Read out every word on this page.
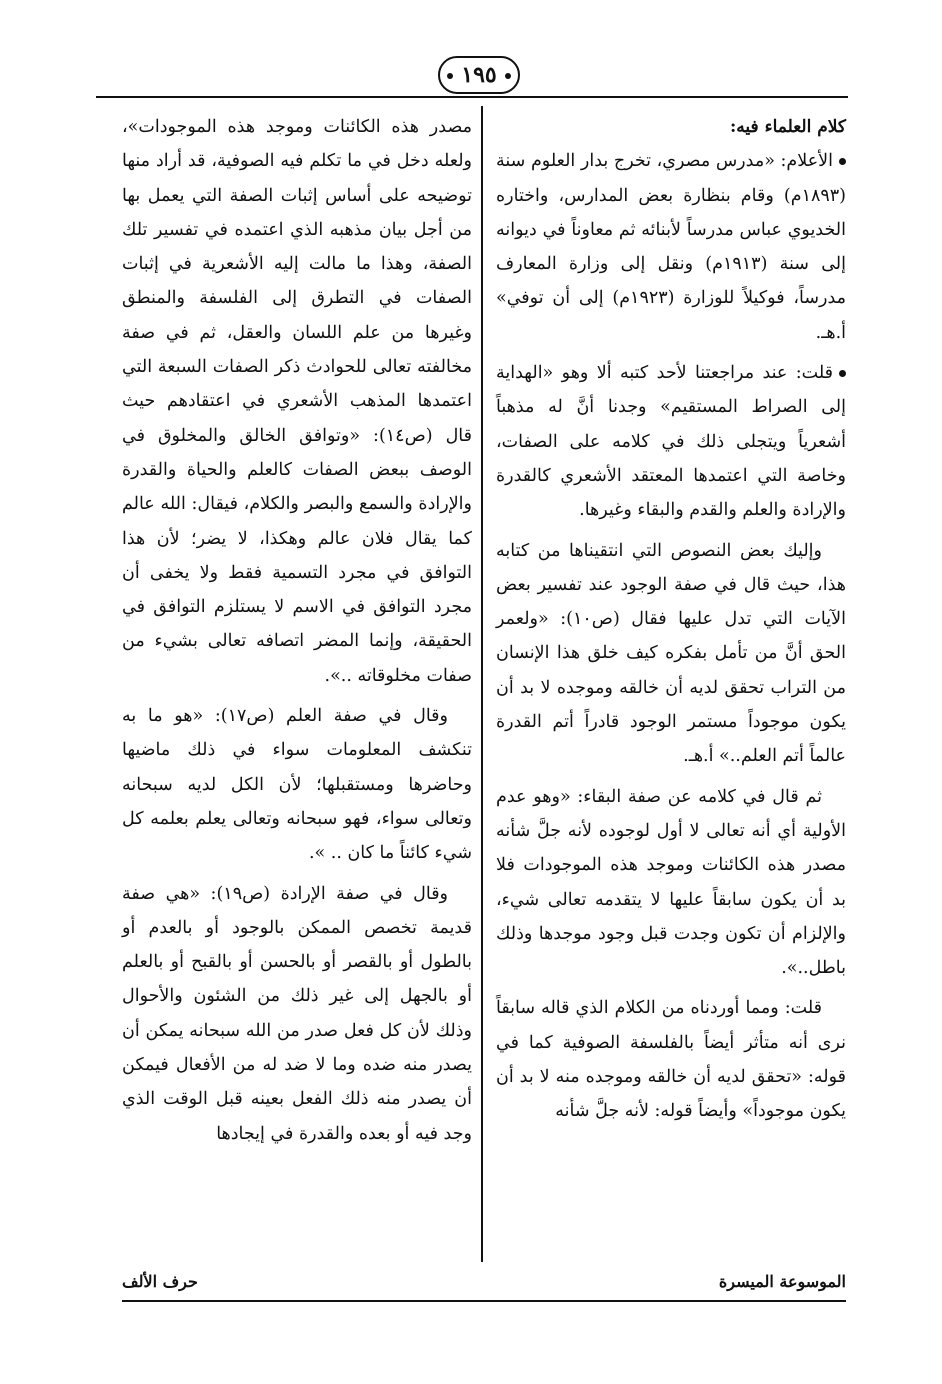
١٩٥

كلام العلماء فيه:

الأعلام: «مدرس مصري، تخرج بدار العلوم سنة (١٨٩٣م) وقام بنظارة بعض المدارس، واختاره الخديوي عباس مدرساً لأبنائه ثم معاوناً في ديوانه إلى سنة (١٩١٣م) ونقل إلى وزارة المعارف مدرساً، فوكيلاً للوزارة (١٩٢٣م) إلى أن توفي» أ.هـ.

قلت: عند مراجعتنا لأحد كتبه ألا وهو «الهداية إلى الصراط المستقيم» وجدنا أنَّ له مذهباً أشعرياً ويتجلى ذلك في كلامه على الصفات، وخاصة التي اعتمدها المعتقد الأشعري كالقدرة والإرادة والعلم والقدم والبقاء وغيرها.

وإليك بعض النصوص التي انتقيناها من كتابه هذا، حيث قال في صفة الوجود عند تفسير بعض الآيات التي تدل عليها فقال (ص١٠): «ولعمر الحق أنَّ من تأمل بفكره كيف خلق هذا الإنسان من التراب تحقق لديه أن خالقه وموجده لا بد أن يكون موجوداً مستمر الوجود قادراً أتم القدرة عالماً أتم العلم..» أ.هـ.

ثم قال في كلامه عن صفة البقاء: «وهو عدم الأولية أي أنه تعالى لا أول لوجوده لأنه جلَّ شأنه مصدر هذه الكائنات وموجد هذه الموجودات فلا بد أن يكون سابقاً عليها لا يتقدمه تعالى شيء، والإلزام أن تكون وجدت قبل وجود موجدها وذلك باطل..».

قلت: ومما أوردناه من الكلام الذي قاله سابقاً نرى أنه متأثر أيضاً بالفلسفة الصوفية كما في قوله: «تحقق لديه أن خالقه وموجده منه لا بد أن يكون موجوداً» وأيضاً قوله: لأنه جلَّ شأنه

مصدر هذه الكائنات وموجد هذه الموجودات»، ولعله دخل في ما تكلم فيه الصوفية، قد أراد منها توضيحه على أساس إثبات الصفة التي يعمل بها من أجل بيان مذهبه الذي اعتمده في تفسير تلك الصفة، وهذا ما مالت إليه الأشعرية في إثبات الصفات في التطرق إلى الفلسفة والمنطق وغيرها من علم اللسان والعقل، ثم في صفة مخالفته تعالى للحوادث ذكر الصفات السبعة التي اعتمدها المذهب الأشعري في اعتقادهم حيث قال (ص١٤): «وتوافق الخالق والمخلوق في الوصف ببعض الصفات كالعلم والحياة والقدرة والإرادة والسمع والبصر والكلام، فيقال: الله عالم كما يقال فلان عالم وهكذا، لا يضر؛ لأن هذا التوافق في مجرد التسمية فقط ولا يخفى أن مجرد التوافق في الاسم لا يستلزم التوافق في الحقيقة، وإنما المضر اتصافه تعالى بشيء من صفات مخلوقاته ..».

وقال في صفة العلم (ص١٧): «هو ما به تنكشف المعلومات سواء في ذلك ماضيها وحاضرها ومستقبلها؛ لأن الكل لديه سبحانه وتعالى سواء، فهو سبحانه وتعالى يعلم بعلمه كل شيء كائناً ما كان .. ».

وقال في صفة الإرادة (ص١٩): «هي صفة قديمة تخصص الممكن بالوجود أو بالعدم أو بالطول أو بالقصر أو بالحسن أو بالقبح أو بالعلم أو بالجهل إلى غير ذلك من الشئون والأحوال وذلك لأن كل فعل صدر من الله سبحانه يمكن أن يصدر منه ضده وما لا ضد له من الأفعال فيمكن أن يصدر منه ذلك الفعل بعينه قبل الوقت الذي وجد فيه أو بعده والقدرة في إيجادها

الموسوعة الميسرة
حرف الألف
